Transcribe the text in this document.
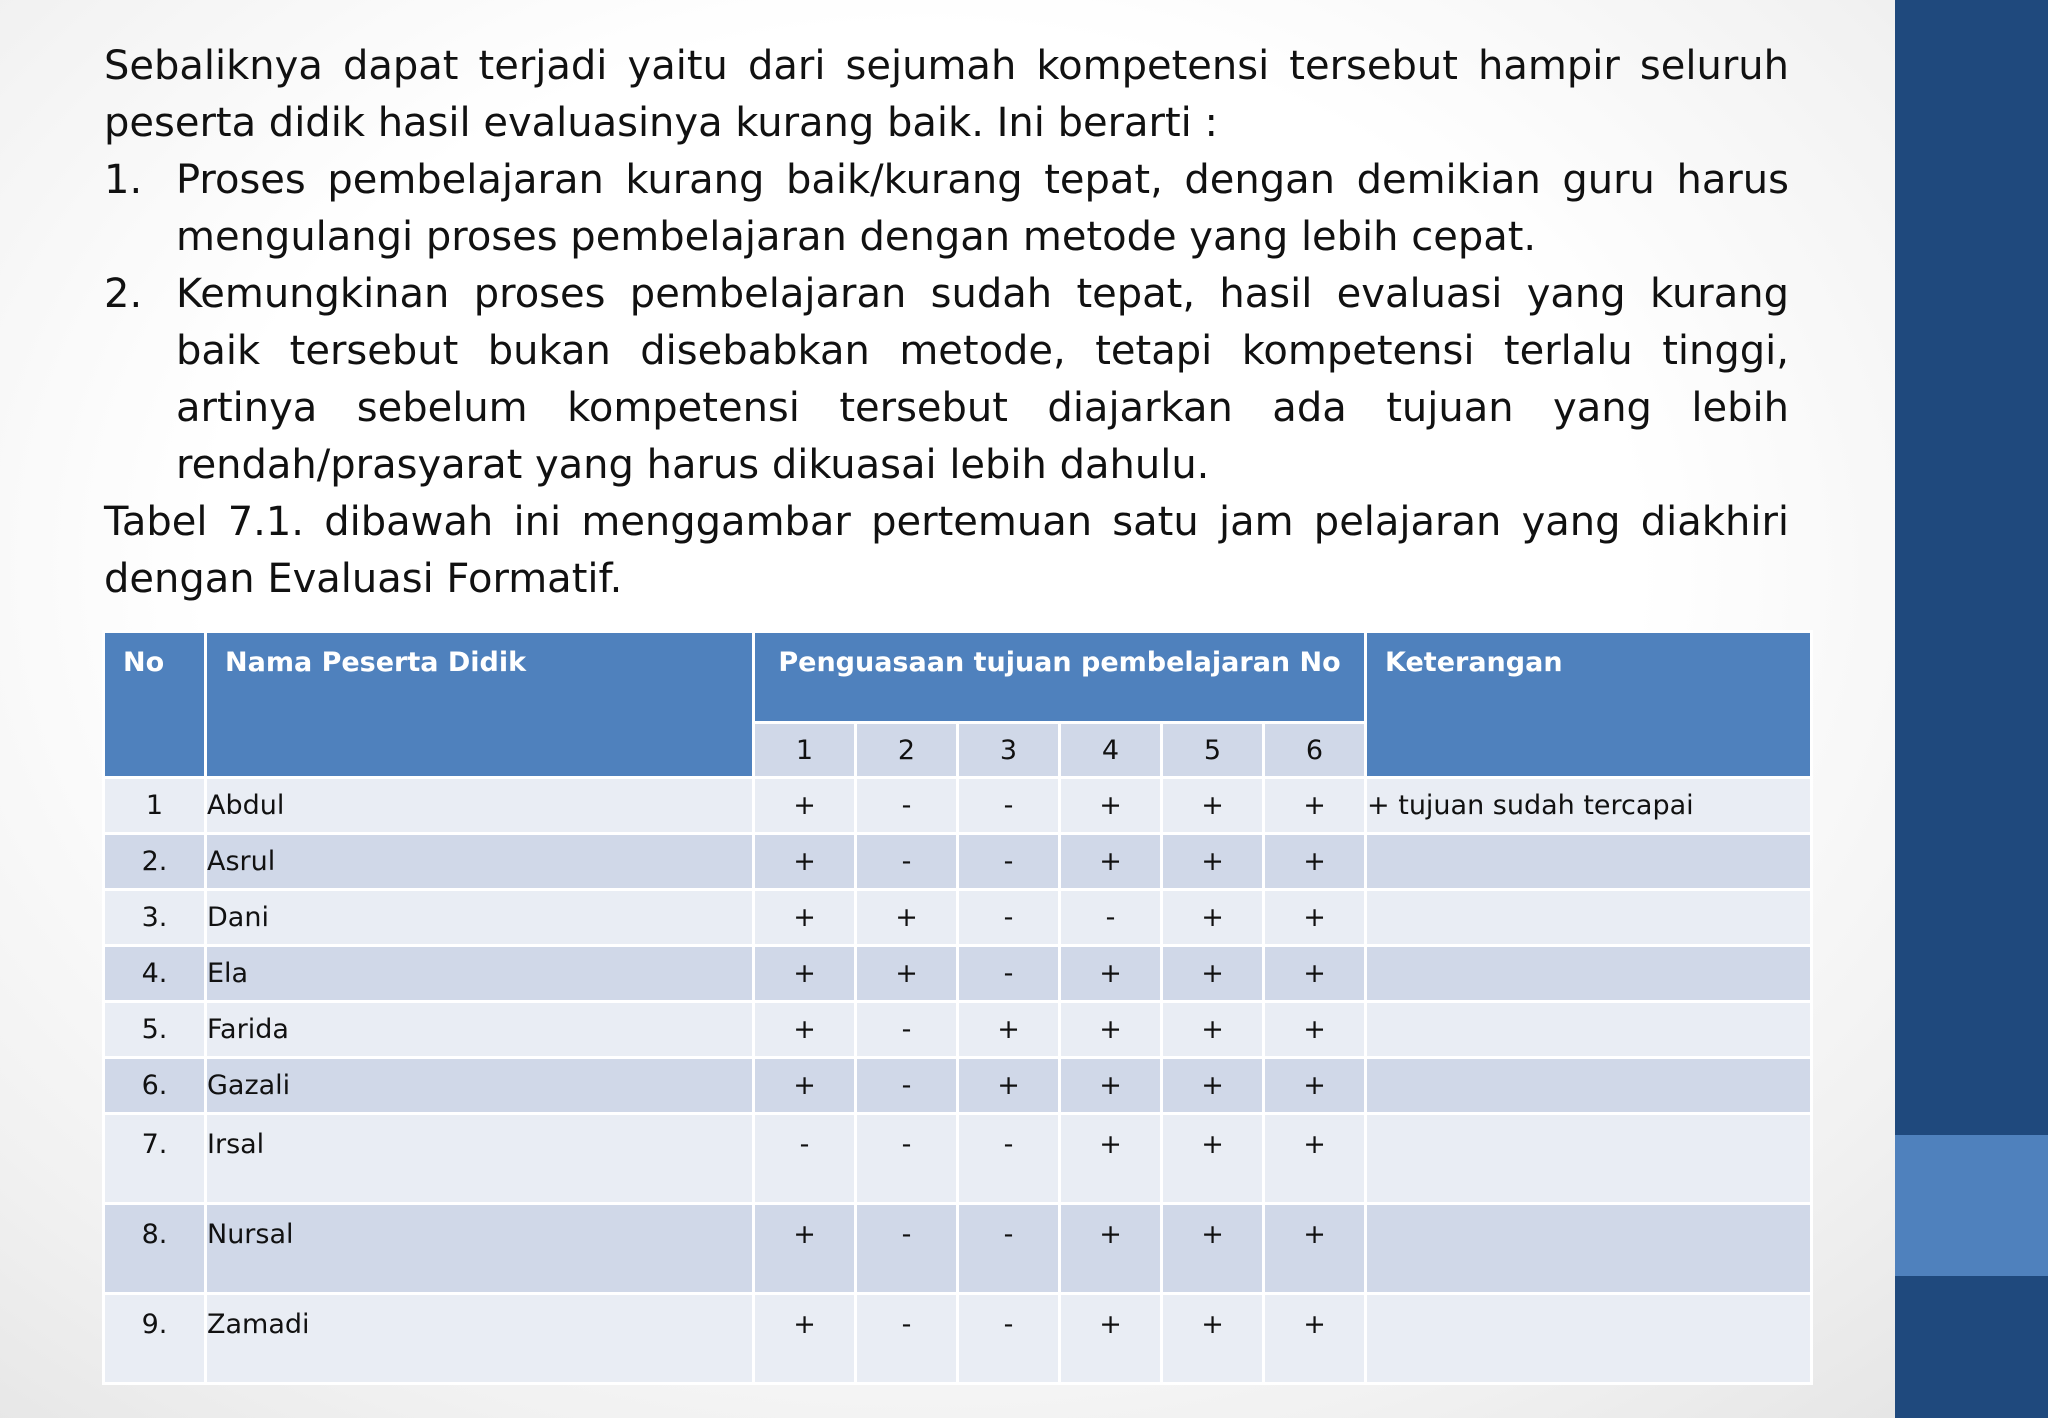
Sebaliknya dapat terjadi yaitu dari sejumah kompetensi tersebut hampir seluruh peserta didik hasil evaluasinya kurang baik. Ini berarti :

1. Proses pembelajaran kurang baik/kurang tepat, dengan demikian guru harus mengulangi proses pembelajaran dengan metode yang lebih cepat.
2. Kemungkinan proses pembelajaran sudah tepat, hasil evaluasi yang kurang baik tersebut bukan disebabkan metode, tetapi kompetensi terlalu tinggi, artinya sebelum kompetensi tersebut diajarkan ada tujuan yang lebih rendah/prasyarat yang harus dikuasai lebih dahulu.

Tabel 7.1. dibawah ini menggambar pertemuan satu jam pelajaran yang diakhiri dengan Evaluasi Formatif.

No	Nama Peserta Didik	Penguasaan tujuan pembelajaran No						Keterangan
		1	2	3	4	5	6	
1	Abdul	+	-	-	+	+	+	+ tujuan sudah tercapai
2.	Asrul	+	-	-	+	+	+	
3.	Dani	+	+	-	-	+	+	
4.	Ela	+	+	-	+	+	+	
5.	Farida	+	-	+	+	+	+	
6.	Gazali	+	-	+	+	+	+	
7.	Irsal	-	-	-	+	+	+	
8.	Nursal	+	-	-	+	+	+	
9.	Zamadi	+	-	-	+	+	+	
